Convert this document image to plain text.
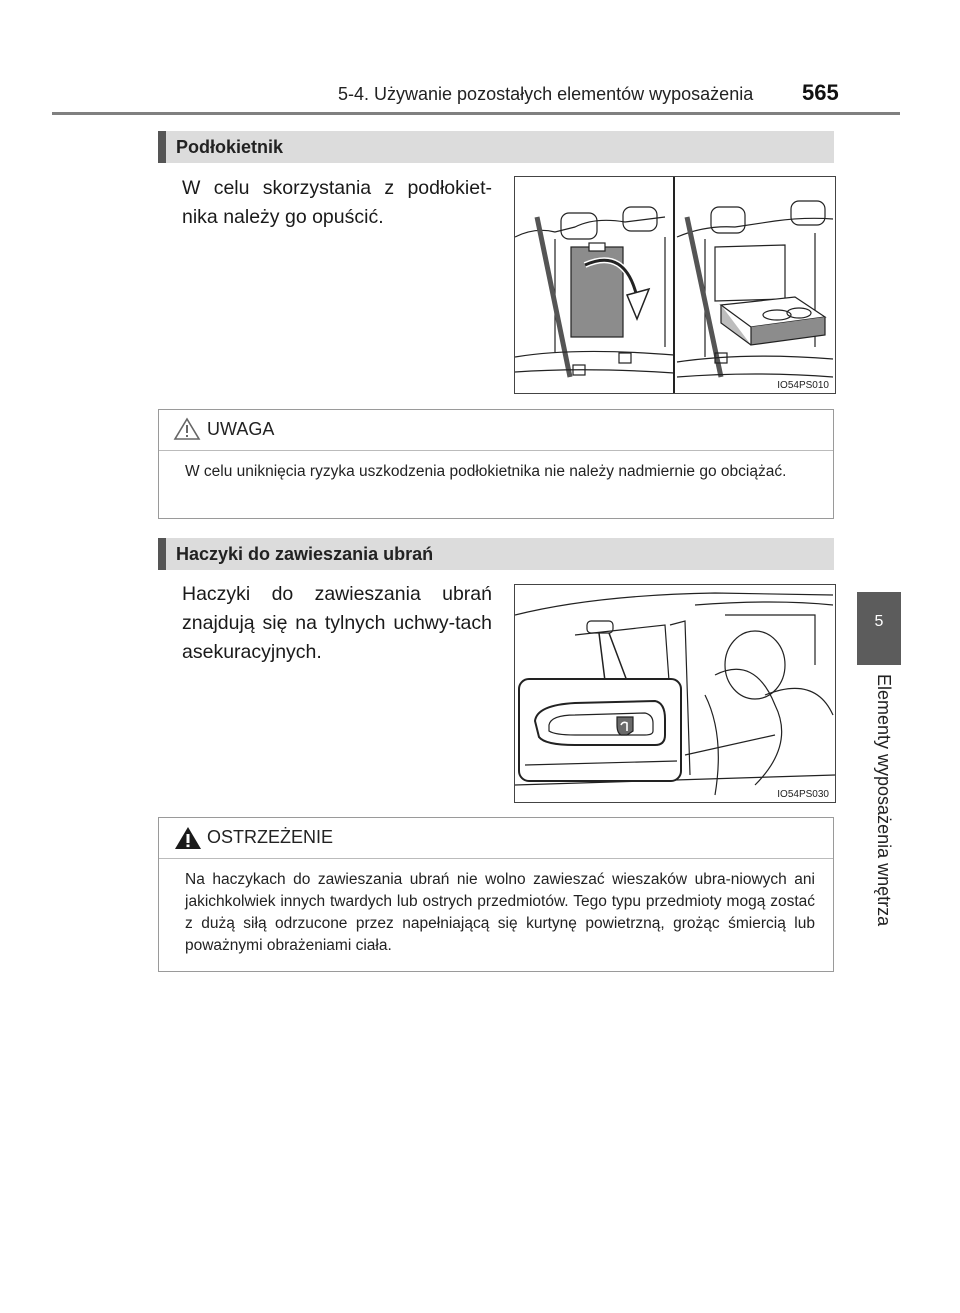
5-4. Używanie pozostałych elementów wyposażenia 565
5
Elementy wyposażenia wnętrza
Podłokietnik
W celu skorzystania z podłokiet-nika należy go opuścić.
IO54PS010
UWAGA
W celu uniknięcia ryzyka uszkodzenia podłokietnika nie należy nadmiernie go obciążać.
Haczyki do zawieszania ubrań
Haczyki do zawieszania ubrań znajdują się na tylnych uchwy-tach asekuracyjnych.
IO54PS030
OSTRZEŻENIE
Na haczykach do zawieszania ubrań nie wolno zawieszać wieszaków ubra-niowych ani jakichkolwiek innych twardych lub ostrych przedmiotów. Tego typu przedmioty mogą zostać z dużą siłą odrzucone przez napełniającą się kurtynę powietrzną, grożąc śmiercią lub poważnymi obrażeniami ciała.
